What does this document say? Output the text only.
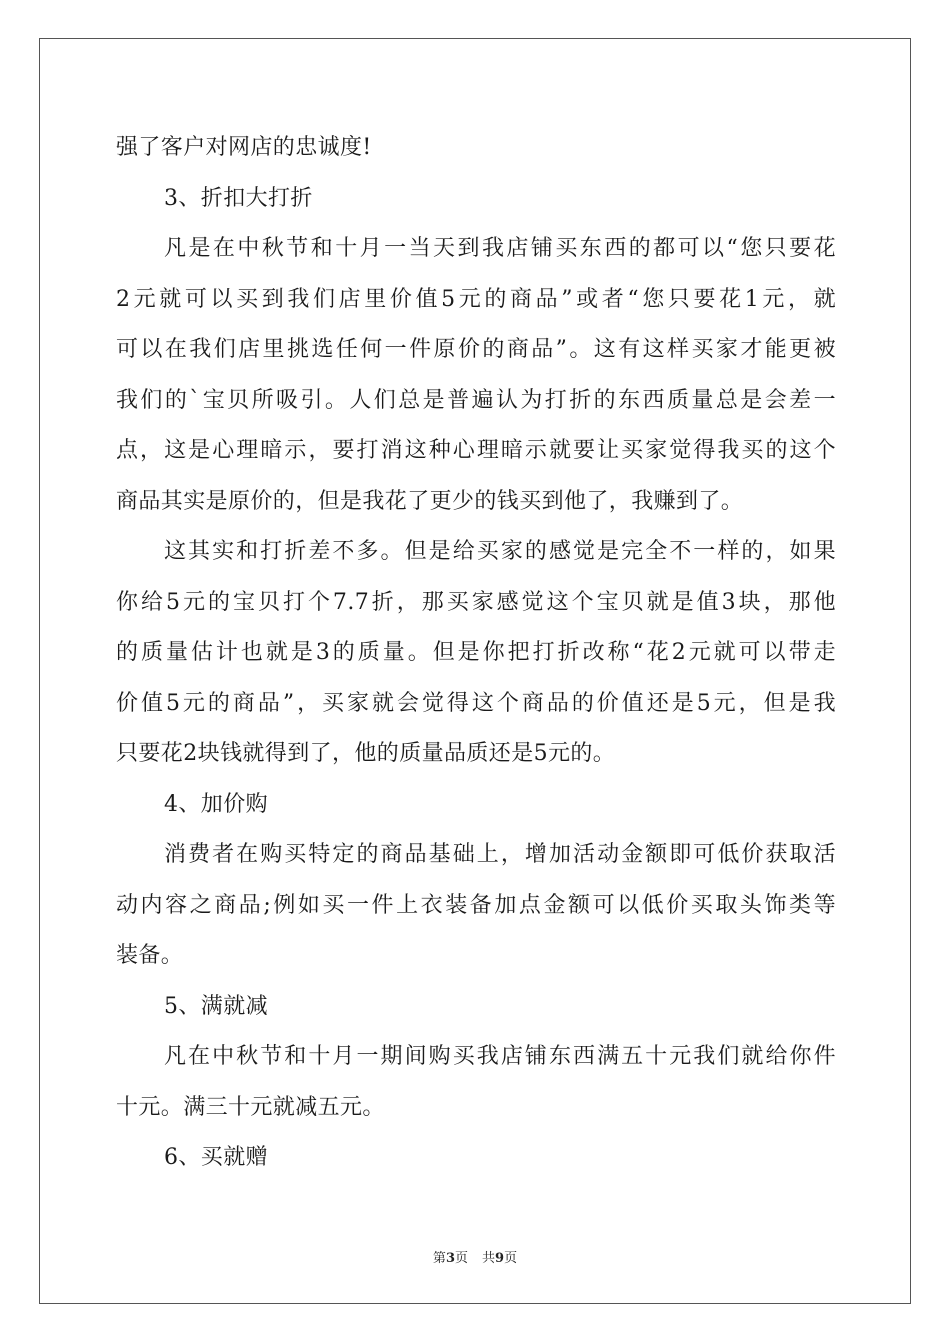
强了客户对网店的忠诚度!
3、折扣大打折
凡是在中秋节和十月一当天到我店铺买东西的都可以“您只要花
2元就可以买到我们店里价值5元的商品”或者“您只要花1元，就
可以在我们店里挑选任何一件原价的商品”。这有这样买家才能更被
我们的`宝贝所吸引。人们总是普遍认为打折的东西质量总是会差一
点，这是心理暗示，要打消这种心理暗示就要让买家觉得我买的这个
商品其实是原价的，但是我花了更少的钱买到他了，我赚到了。
这其实和打折差不多。但是给买家的感觉是完全不一样的，如果
你给5元的宝贝打个7.7折，那买家感觉这个宝贝就是值3块，那他
的质量估计也就是3的质量。但是你把打折改称“花2元就可以带走
价值5元的商品”，买家就会觉得这个商品的价值还是5元，但是我
只要花2块钱就得到了，他的质量品质还是5元的。
4、加价购
消费者在购买特定的商品基础上，增加活动金额即可低价获取活
动内容之商品;例如买一件上衣装备加点金额可以低价买取头饰类等
装备。
5、满就减
凡在中秋节和十月一期间购买我店铺东西满五十元我们就给你件
十元。满三十元就减五元。
6、买就赠
第3页 共9页
